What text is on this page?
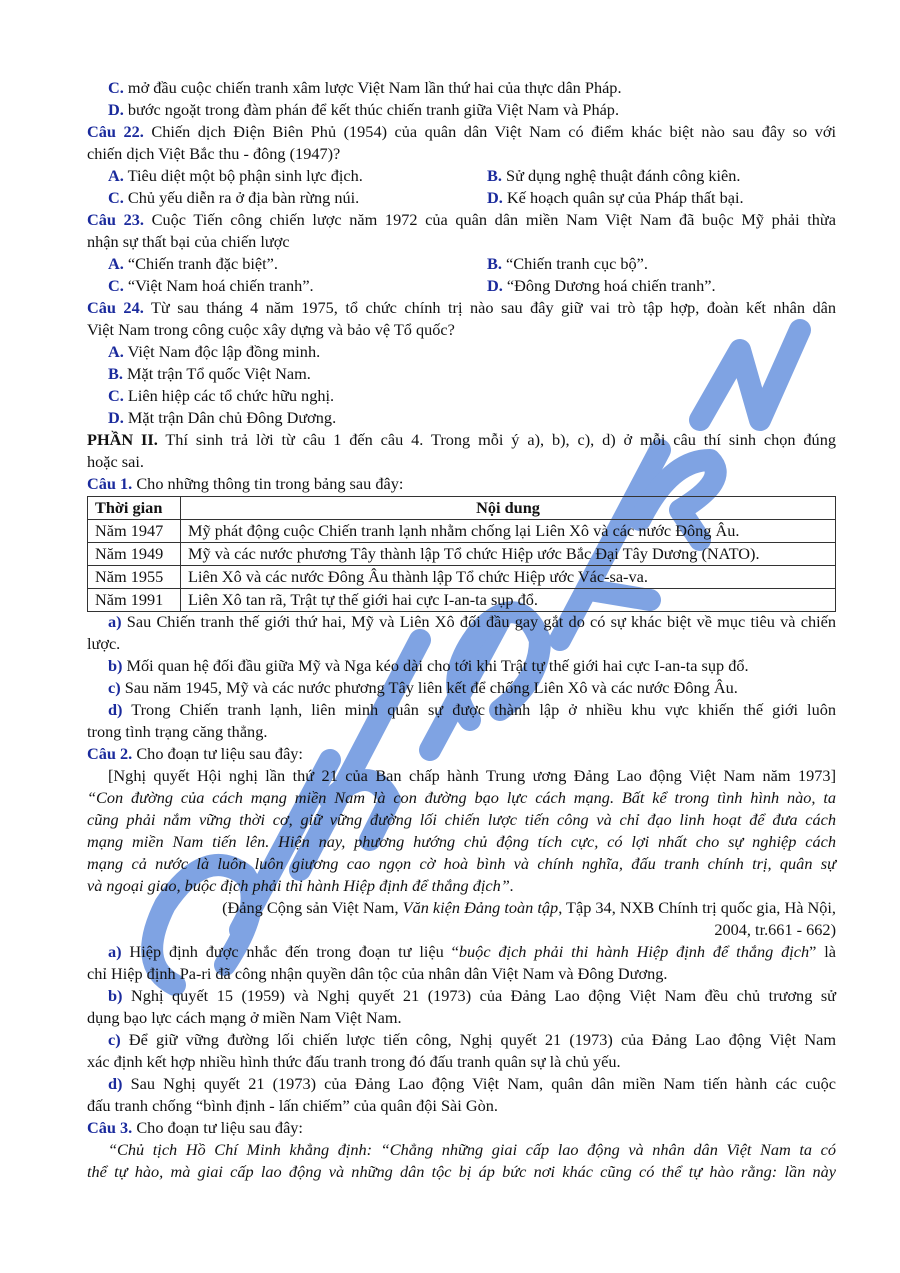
C. mở đầu cuộc chiến tranh xâm lược Việt Nam lần thứ hai của thực dân Pháp.
D. bước ngoặt trong đàm phán để kết thúc chiến tranh giữa Việt Nam và Pháp.
Câu 22. Chiến dịch Điện Biên Phủ (1954) của quân dân Việt Nam có điểm khác biệt nào sau đây so với
chiến dịch Việt Bắc thu - đông (1947)?
A. Tiêu diệt một bộ phận sinh lực địch.	B. Sử dụng nghệ thuật đánh công kiên.
C. Chủ yếu diễn ra ở địa bàn rừng núi.	D. Kế hoạch quân sự của Pháp thất bại.
Câu 23. Cuộc Tiến công chiến lược năm 1972 của quân dân miền Nam Việt Nam đã buộc Mỹ phải thừa
nhận sự thất bại của chiến lược
A. “Chiến tranh đặc biệt”.	B. “Chiến tranh cục bộ”.
C. “Việt Nam hoá chiến tranh”.	D. “Đông Dương hoá chiến tranh”.
Câu 24. Từ sau tháng 4 năm 1975, tổ chức chính trị nào sau đây giữ vai trò tập hợp, đoàn kết nhân dân
Việt Nam trong công cuộc xây dựng và bảo vệ Tổ quốc?
A. Việt Nam độc lập đồng minh.
B. Mặt trận Tổ quốc Việt Nam.
C. Liên hiệp các tổ chức hữu nghị.
D. Mặt trận Dân chủ Đông Dương.
PHẦN II. Thí sinh trả lời từ câu 1 đến câu 4. Trong mỗi ý a), b), c), d) ở mỗi câu thí sinh chọn đúng
hoặc sai.
Câu 1. Cho những thông tin trong bảng sau đây:
Thời gian	Nội dung
Năm 1947	Mỹ phát động cuộc Chiến tranh lạnh nhằm chống lại Liên Xô và các nước Đông Âu.
Năm 1949	Mỹ và các nước phương Tây thành lập Tổ chức Hiệp ước Bắc Đại Tây Dương (NATO).
Năm 1955	Liên Xô và các nước Đông Âu thành lập Tổ chức Hiệp ước Vác-sa-va.
Năm 1991	Liên Xô tan rã, Trật tự thế giới hai cực I-an-ta sụp đổ.
a) Sau Chiến tranh thế giới thứ hai, Mỹ và Liên Xô đối đầu gay gắt do có sự khác biệt về mục tiêu và chiến
lược.
b) Mối quan hệ đối đầu giữa Mỹ và Nga kéo dài cho tới khi Trật tự thế giới hai cực I-an-ta sụp đổ.
c) Sau năm 1945, Mỹ và các nước phương Tây liên kết để chống Liên Xô và các nước Đông Âu.
d) Trong Chiến tranh lạnh, liên minh quân sự được thành lập ở nhiều khu vực khiến thế giới luôn
trong tình trạng căng thẳng.
Câu 2. Cho đoạn tư liệu sau đây:
[Nghị quyết Hội nghị lần thứ 21 của Ban chấp hành Trung ương Đảng Lao động Việt Nam năm 1973]
“Con đường của cách mạng miền Nam là con đường bạo lực cách mạng. Bất kể trong tình hình nào, ta
cũng phải nắm vững thời cơ, giữ vững đường lối chiến lược tiến công và chỉ đạo linh hoạt để đưa cách
mạng miền Nam tiến lên. Hiện nay, phương hướng chủ động tích cực, có lợi nhất cho sự nghiệp cách
mạng cả nước là luôn luôn giương cao ngọn cờ hoà bình và chính nghĩa, đấu tranh chính trị, quân sự
và ngoại giao, buộc địch phải thi hành Hiệp định để thắng địch”.
(Đảng Cộng sản Việt Nam, Văn kiện Đảng toàn tập, Tập 34, NXB Chính trị quốc gia, Hà Nội,
2004, tr.661 - 662)
a) Hiệp định được nhắc đến trong đoạn tư liệu “buộc địch phải thi hành Hiệp định để thắng địch” là
chỉ Hiệp định Pa-ri đã công nhận quyền dân tộc của nhân dân Việt Nam và Đông Dương.
b) Nghị quyết 15 (1959) và Nghị quyết 21 (1973) của Đảng Lao động Việt Nam đều chủ trương sử
dụng bạo lực cách mạng ở miền Nam Việt Nam.
c) Để giữ vững đường lối chiến lược tiến công, Nghị quyết 21 (1973) của Đảng Lao động Việt Nam
xác định kết hợp nhiều hình thức đấu tranh trong đó đấu tranh quân sự là chủ yếu.
d) Sau Nghị quyết 21 (1973) của Đảng Lao động Việt Nam, quân dân miền Nam tiến hành các cuộc
đấu tranh chống “bình định - lấn chiếm” của quân đội Sài Gòn.
Câu 3. Cho đoạn tư liệu sau đây:
“Chủ tịch Hồ Chí Minh khẳng định: “Chẳng những giai cấp lao động và nhân dân Việt Nam ta có
thể tự hào, mà giai cấp lao động và những dân tộc bị áp bức nơi khác cũng có thể tự hào rằng: lần này
